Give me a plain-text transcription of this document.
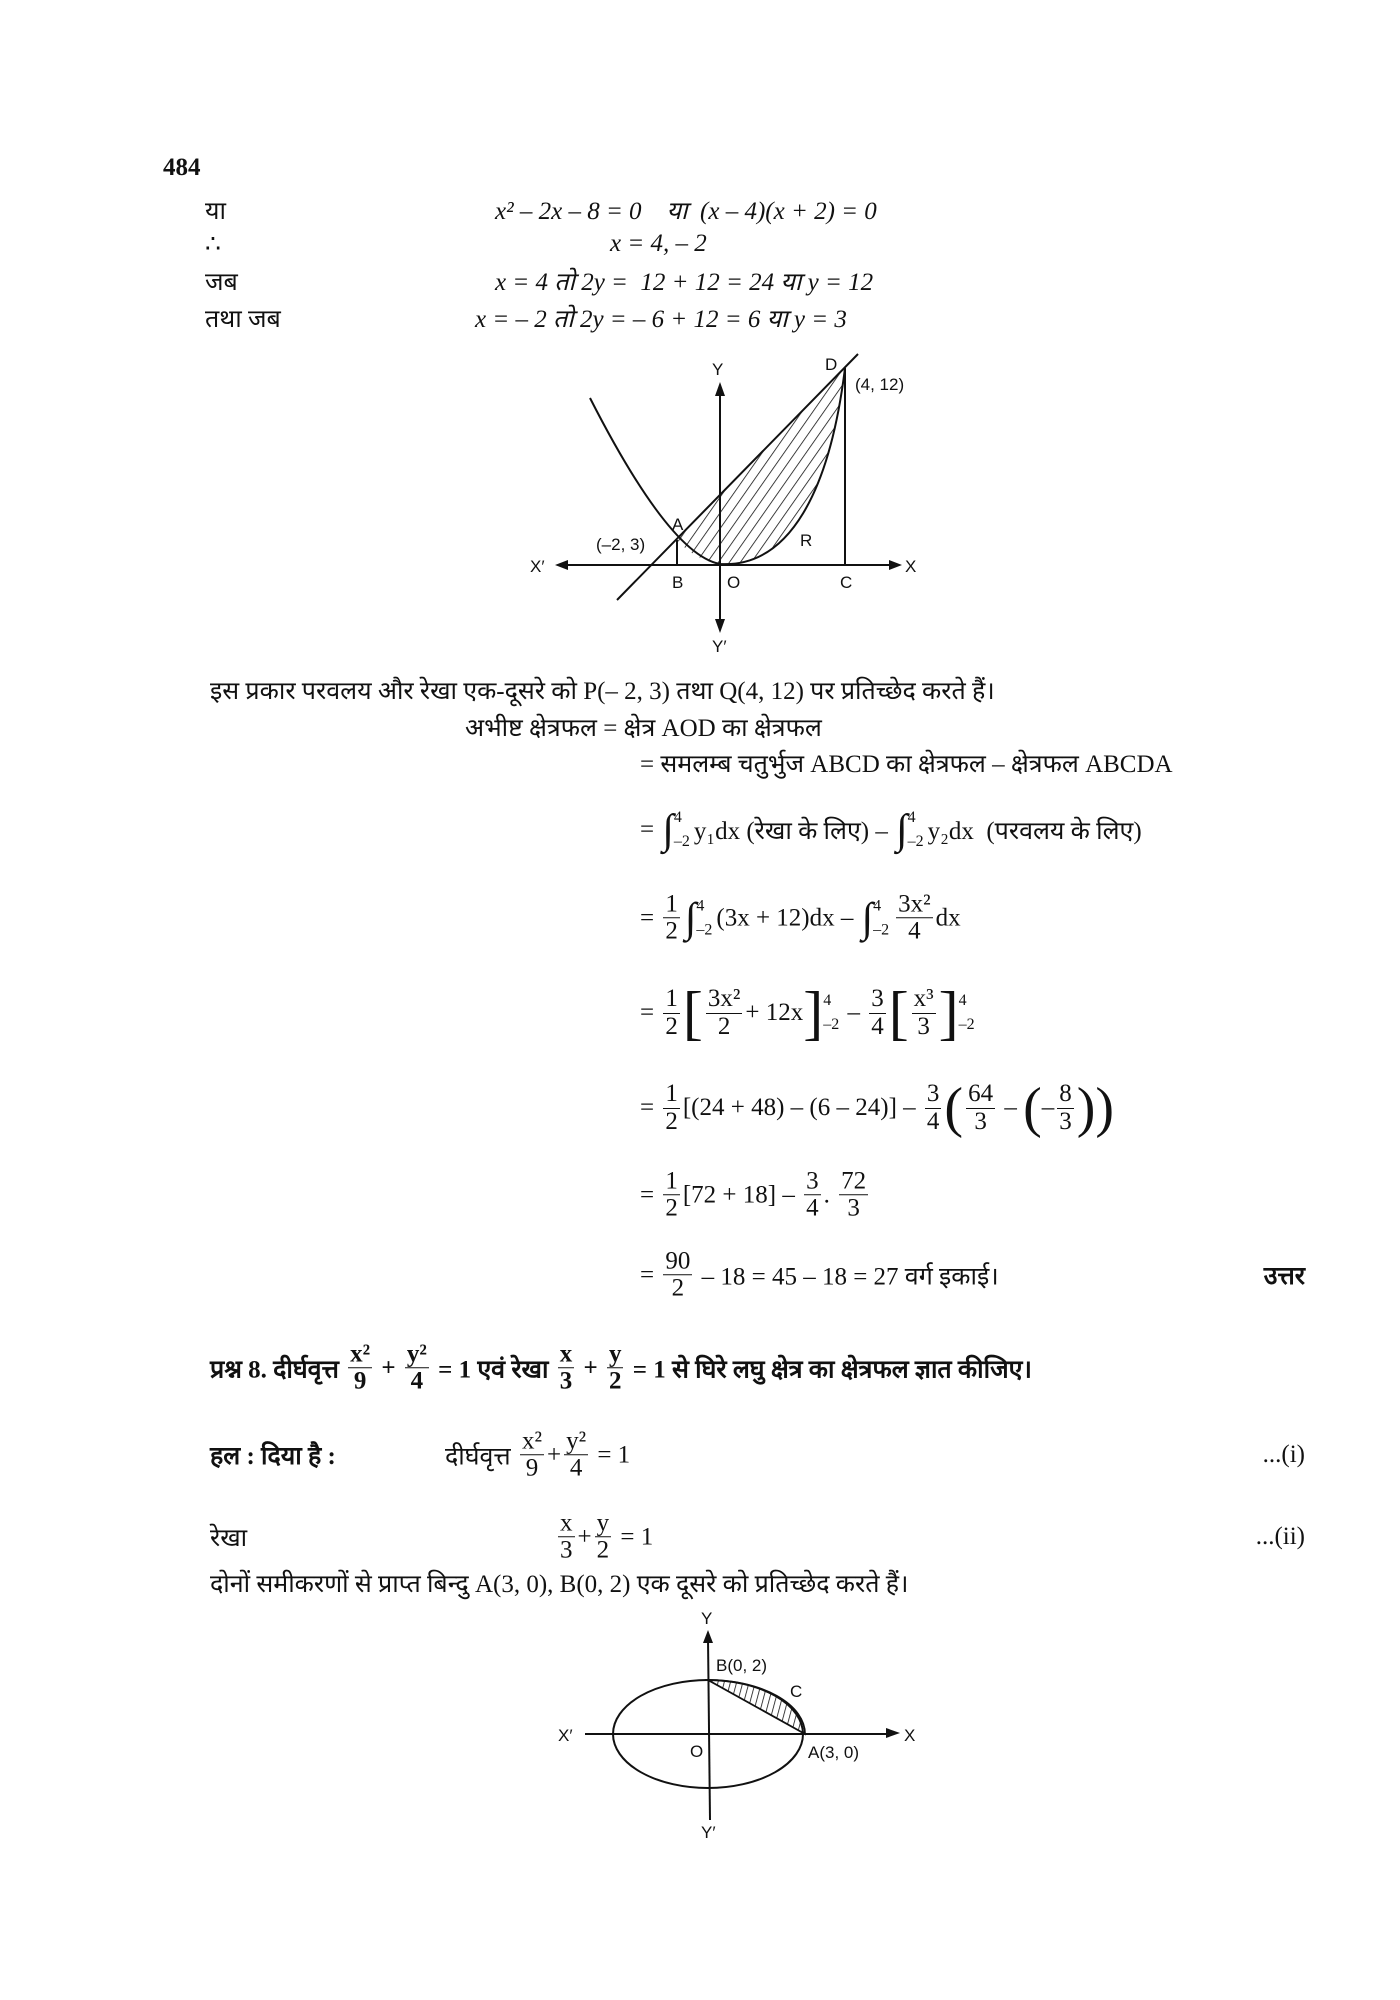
484
या	x² – 2x – 8 = 0    या  (x – 4)(x + 2) = 0
∴	x = 4, – 2
जब	x = 4 तो 2y =  12 + 12 = 24 या y = 12
तथा जब	x = – 2 तो 2y = – 6 + 12 = 6 या y = 3
Y
Y′
X
X′
A
B	O	C
D
R
(–2, 3)
(4, 12)
इस प्रकार परवलय और रेखा एक-दूसरे को P(– 2, 3) तथा Q(4, 12) पर प्रतिच्छेद करते हैं।
अभीष्ट क्षेत्रफल = क्षेत्र AOD का क्षेत्रफल
= समलम्ब चतुर्भुज ABCD का क्षेत्रफल – क्षेत्रफल ABCDA
= ∫ 4
–2 y₁dx (रेखा के लिए) – ∫ 4
–2 y₂dx  (परवलय के लिए)
= $\frac{1}{2}$ ∫ 4
–2 (3x + 12)dx – ∫ 4
$-2 \frac{\text{3x²}}{4}$ dx
= $\frac{1}{2}$ [ $\frac{\text{3x²}}{2} + 12x$ ] 4
$-2 - \frac{3}{4}$ [ $\frac{\text{x³}}{3}$ ] 4
–2
= $\frac{1}{2} [(24 + 48) - (6 - 24)] - \frac{3}{4}$ ( $\frac{64}{3}$ – ( – $\frac{8}{3}$ ))
= $\frac{1}{2} [72 + 18] - \frac{3}{4}$ . $\frac{72}{3}$
= $\frac{90}{2} - 18 = 45 - 18 = 27$ वर्ग इकाई।	उत्तर
प्रश्न 8. दीर्घवृत्त $\frac{\text{x²}}{9} + \frac{\text{y²}}{4} = 1$ एवं रेखा $\frac{x}{3} + \frac{y}{2} = 1$ से घिरे लघु क्षेत्र का क्षेत्रफल ज्ञात कीजिए।
हल : दिया है :	दीर्घवृत्त $\frac{\text{x²}}{9} + \frac{\text{y²}}{4} = 1$	...(i)
रेखा	$\frac{x}{3} + \frac{y}{2} = 1$	...(ii)
दोनों समीकरणों से प्राप्त बिन्दु A(3, 0), B(0, 2) एक दूसरे को प्रतिच्छेद करते हैं।
Y
Y′
X
X′
O
B(0, 2)
C
A(3, 0)
